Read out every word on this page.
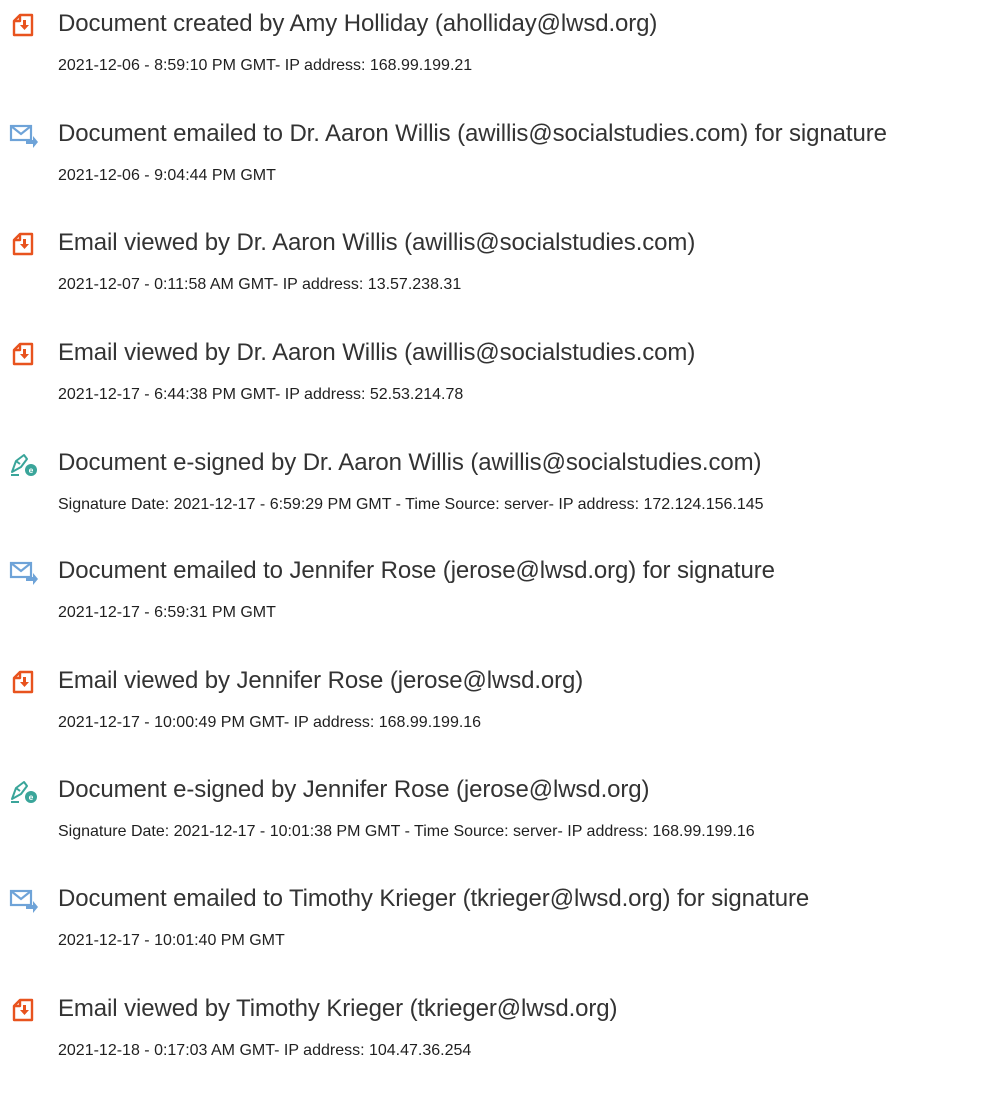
Document created by Amy Holliday (aholliday@lwsd.org)
2021-12-06 - 8:59:10 PM GMT- IP address: 168.99.199.21
Document emailed to Dr. Aaron Willis (awillis@socialstudies.com) for signature
2021-12-06 - 9:04:44 PM GMT
Email viewed by Dr. Aaron Willis (awillis@socialstudies.com)
2021-12-07 - 0:11:58 AM GMT- IP address: 13.57.238.31
Email viewed by Dr. Aaron Willis (awillis@socialstudies.com)
2021-12-17 - 6:44:38 PM GMT- IP address: 52.53.214.78
e Document e-signed by Dr. Aaron Willis (awillis@socialstudies.com)
Signature Date: 2021-12-17 - 6:59:29 PM GMT - Time Source: server- IP address: 172.124.156.145
Document emailed to Jennifer Rose (jerose@lwsd.org) for signature
2021-12-17 - 6:59:31 PM GMT
Email viewed by Jennifer Rose (jerose@lwsd.org)
2021-12-17 - 10:00:49 PM GMT- IP address: 168.99.199.16
e Document e-signed by Jennifer Rose (jerose@lwsd.org)
Signature Date: 2021-12-17 - 10:01:38 PM GMT - Time Source: server- IP address: 168.99.199.16
Document emailed to Timothy Krieger (tkrieger@lwsd.org) for signature
2021-12-17 - 10:01:40 PM GMT
Email viewed by Timothy Krieger (tkrieger@lwsd.org)
2021-12-18 - 0:17:03 AM GMT- IP address: 104.47.36.254
